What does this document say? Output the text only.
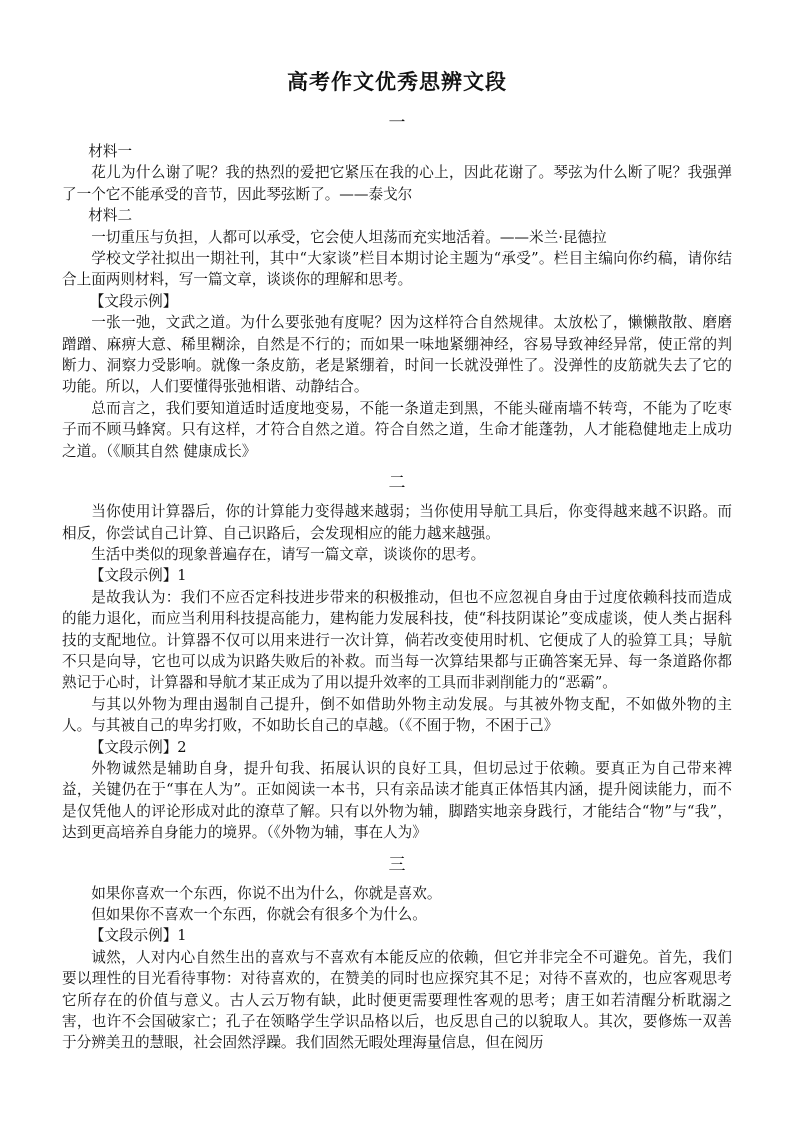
高考作文优秀思辨文段
一

材料一

花儿为什么谢了呢？我的热烈的爱把它紧压在我的心上，因此花谢了。琴弦为什么断了呢？我强弹了一个它不能承受的音节，因此琴弦断了。——泰戈尔

材料二

一切重压与负担，人都可以承受，它会使人坦荡而充实地活着。——米兰·昆德拉

学校文学社拟出一期社刊，其中“大家谈”栏目本期讨论主题为“承受”。栏目主编向你约稿，请你结合上面两则材料，写一篇文章，谈谈你的理解和思考。

【文段示例】

一张一弛，文武之道。为什么要张弛有度呢？因为这样符合自然规律。太放松了，懒懒散散、磨磨蹭蹭、麻痹大意、稀里糊涂，自然是不行的；而如果一味地紧绷神经，容易导致神经异常，使正常的判断力、洞察力受影响。就像一条皮筋，老是紧绷着，时间一长就没弹性了。没弹性的皮筋就失去了它的功能。所以，人们要懂得张弛相谐、动静结合。

总而言之，我们要知道适时适度地变易，不能一条道走到黑，不能头碰南墙不转弯，不能为了吃枣子而不顾马蜂窝。只有这样，才符合自然之道。符合自然之道，生命才能蓬勃，人才能稳健地走上成功之道。（《顺其自然 健康成长》

二

当你使用计算器后，你的计算能力变得越来越弱；当你使用导航工具后，你变得越来越不识路。而相反，你尝试自己计算、自己识路后，会发现相应的能力越来越强。

生活中类似的现象普遍存在，请写一篇文章，谈谈你的思考。

【文段示例】1

是故我认为：我们不应否定科技进步带来的积极推动，但也不应忽视自身由于过度依赖科技而造成的能力退化，而应当利用科技提高能力，建构能力发展科技，使“科技阴谋论”变成虚谈，使人类占据科技的支配地位。计算器不仅可以用来进行一次计算，倘若改变使用时机、它便成了人的验算工具；导航不只是向导，它也可以成为识路失败后的补救。而当每一次算结果都与正确答案无异、每一条道路你都熟记于心时，计算器和导航才某正成为了用以提升效率的工具而非剥削能力的“恶霸”。

与其以外物为理由遏制自己提升，倒不如借助外物主动发展。与其被外物支配，不如做外物的主人。与其被自己的卑劣打败，不如助长自己的卓越。（《不囿于物，不困于己》

【文段示例】2

外物诚然是辅助自身，提升旬我、拓展认识的良好工具，但切忌过于依赖。要真正为自己带来裨益，关键仍在于“事在人为”。正如阅读一本书，只有亲品读才能真正体悟其内涵，提升阅读能力，而不是仅凭他人的评论形成对此的潦草了解。只有以外物为辅，脚踏实地亲身践行，才能结合“物”与“我”，达到更高培养自身能力的境界。（《外物为辅，事在人为》

三

如果你喜欢一个东西，你说不出为什么，你就是喜欢。

但如果你不喜欢一个东西，你就会有很多个为什么。

【文段示例】1

诚然，人对内心自然生出的喜欢与不喜欢有本能反应的依赖，但它并非完全不可避免。首先，我们要以理性的目光看待事物：对待喜欢的，在赞美的同时也应探究其不足；对待不喜欢的，也应客观思考它所存在的价值与意义。古人云万物有缺，此时便更需要理性客观的思考；唐王如若清醒分析耽溺之害，也许不会国破家亡；孔子在领略学生学识品格以后，也反思自己的以貌取人。其次，要修炼一双善于分辨美丑的慧眼，社会固然浮躁。我们固然无暇处理海量信息，但在阅历
